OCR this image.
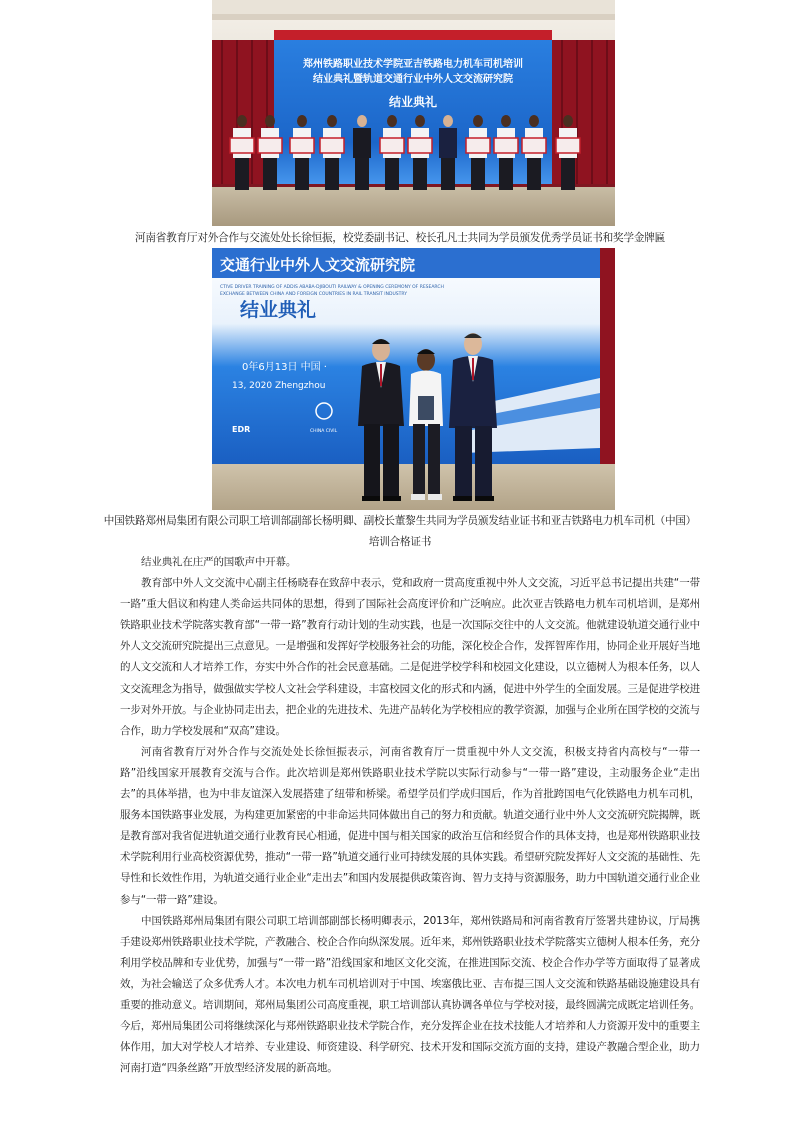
郑州铁路职业技术学院亚吉铁路电力机车司机培训
结业典礼暨轨道交通行业中外人文交流研究院
结业典礼
河南省教育厅对外合作与交流处处长徐恒振，校党委副书记、校长孔凡士共同为学员颁发优秀学员证书和奖学金牌匾
交通行业中外人文交流研究院
CTIVE DRIVER TRAINING OF ADDIS ABABA-DJIBOUTI RAILWAY & OPENING CEREMONY OF RESEARCH
EXCHANGE BETWEEN CHINA AND FOREIGN COUNTRIES IN RAIL TRANSIT INDUSTRY
结业典礼
0年6月13日 中国 ·
13, 2020 Zhengzhou
EDR	CHINA CIVIL
中国铁路郑州局集团有限公司职工培训部副部长杨明卿、副校长董黎生共同为学员颁发结业证书和亚吉铁路电力机车司机（中国）培训合格证书

结业典礼在庄严的国歌声中开幕。

教育部中外人文交流中心副主任杨晓春在致辞中表示，党和政府一贯高度重视中外人文交流，习近平总书记提出共建“一带一路”重大倡议和构建人类命运共同体的思想，得到了国际社会高度评价和广泛响应。此次亚吉铁路电力机车司机培训，是郑州铁路职业技术学院落实教育部“一带一路”教育行动计划的生动实践，也是一次国际交往中的人文交流。他就建设轨道交通行业中外人文交流研究院提出三点意见。一是增强和发挥好学校服务社会的功能，深化校企合作，发挥智库作用，协同企业开展好当地的人文交流和人才培养工作，夯实中外合作的社会民意基础。二是促进学校学科和校园文化建设，以立德树人为根本任务，以人文交流理念为指导，做强做实学校人文社会学科建设，丰富校园文化的形式和内涵，促进中外学生的全面发展。三是促进学校进一步对外开放。与企业协同走出去，把企业的先进技术、先进产品转化为学校相应的教学资源，加强与企业所在国学校的交流与合作，助力学校发展和“双高”建设。

河南省教育厅对外合作与交流处处长徐恒振表示，河南省教育厅一贯重视中外人文交流，积极支持省内高校与“一带一路”沿线国家开展教育交流与合作。此次培训是郑州铁路职业技术学院以实际行动参与“一带一路”建设，主动服务企业“走出去”的具体举措，也为中非友谊深入发展搭建了纽带和桥梁。希望学员们学成归国后，作为首批跨国电气化铁路电力机车司机，服务本国铁路事业发展，为构建更加紧密的中非命运共同体做出自己的努力和贡献。轨道交通行业中外人文交流研究院揭牌，既是教育部对我省促进轨道交通行业教育民心相通，促进中国与相关国家的政治互信和经贸合作的具体支持，也是郑州铁路职业技术学院利用行业高校资源优势，推动“一带一路”轨道交通行业可持续发展的具体实践。希望研究院发挥好人文交流的基础性、先导性和长效性作用，为轨道交通行业企业“走出去”和国内发展提供政策咨询、智力支持与资源服务，助力中国轨道交通行业企业参与“一带一路”建设。

中国铁路郑州局集团有限公司职工培训部副部长杨明卿表示，2013年，郑州铁路局和河南省教育厅签署共建协议，厅局携手建设郑州铁路职业技术学院，产教融合、校企合作向纵深发展。近年来，郑州铁路职业技术学院落实立德树人根本任务，充分利用学校品牌和专业优势，加强与“一带一路”沿线国家和地区文化交流，在推进国际交流、校企合作办学等方面取得了显著成效，为社会输送了众多优秀人才。本次电力机车司机培训对于中国、埃塞俄比亚、吉布提三国人文交流和铁路基础设施建设具有重要的推动意义。培训期间，郑州局集团公司高度重视，职工培训部认真协调各单位与学校对接，最终圆满完成既定培训任务。今后，郑州局集团公司将继续深化与郑州铁路职业技术学院合作，充分发挥企业在技术技能人才培养和人力资源开发中的重要主体作用，加大对学校人才培养、专业建设、师资建设、科学研究、技术开发和国际交流方面的支持，建设产教融合型企业，助力河南打造“四条丝路”开放型经济发展的新高地。
